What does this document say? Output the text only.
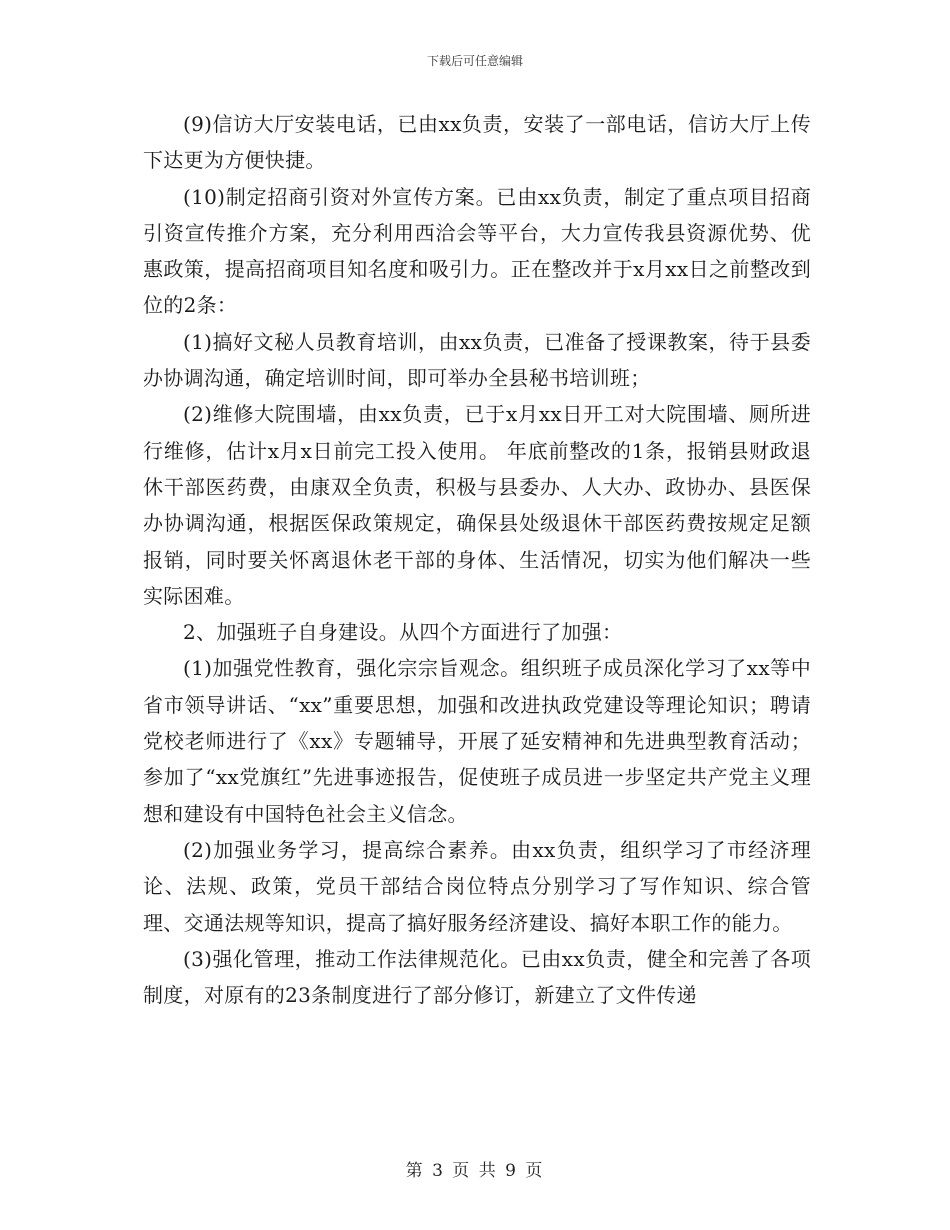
下载后可任意编辑

(9)信访大厅安装电话，已由xx负责，安装了一部电话，信访大厅上传下达更为方便快捷。

(10)制定招商引资对外宣传方案。已由xx负责，制定了重点项目招商引资宣传推介方案，充分利用西洽会等平台，大力宣传我县资源优势、优惠政策，提高招商项目知名度和吸引力。正在整改并于x月xx日之前整改到位的2条：

(1)搞好文秘人员教育培训，由xx负责，已准备了授课教案，待于县委办协调沟通，确定培训时间，即可举办全县秘书培训班；

(2)维修大院围墙，由xx负责，已于x月xx日开工对大院围墙、厕所进行维修，估计x月x日前完工投入使用。 年底前整改的1条，报销县财政退休干部医药费，由康双全负责，积极与县委办、人大办、政协办、县医保办协调沟通，根据医保政策规定，确保县处级退休干部医药费按规定足额报销，同时要关怀离退休老干部的身体、生活情况，切实为他们解决一些实际困难。

2、加强班子自身建设。从四个方面进行了加强：

(1)加强党性教育，强化宗宗旨观念。组织班子成员深化学习了xx等中省市领导讲话、“xx”重要思想，加强和改进执政党建设等理论知识；聘请党校老师进行了《xx》专题辅导，开展了延安精神和先进典型教育活动；参加了“xx党旗红”先进事迹报告，促使班子成员进一步坚定共产党主义理想和建设有中国特色社会主义信念。

(2)加强业务学习，提高综合素养。由xx负责，组织学习了市经济理论、法规、政策，党员干部结合岗位特点分别学习了写作知识、综合管理、交通法规等知识，提高了搞好服务经济建设、搞好本职工作的能力。

(3)强化管理，推动工作法律规范化。已由xx负责，健全和完善了各项制度，对原有的23条制度进行了部分修订，新建立了文件传递

第 3 页 共 9 页
